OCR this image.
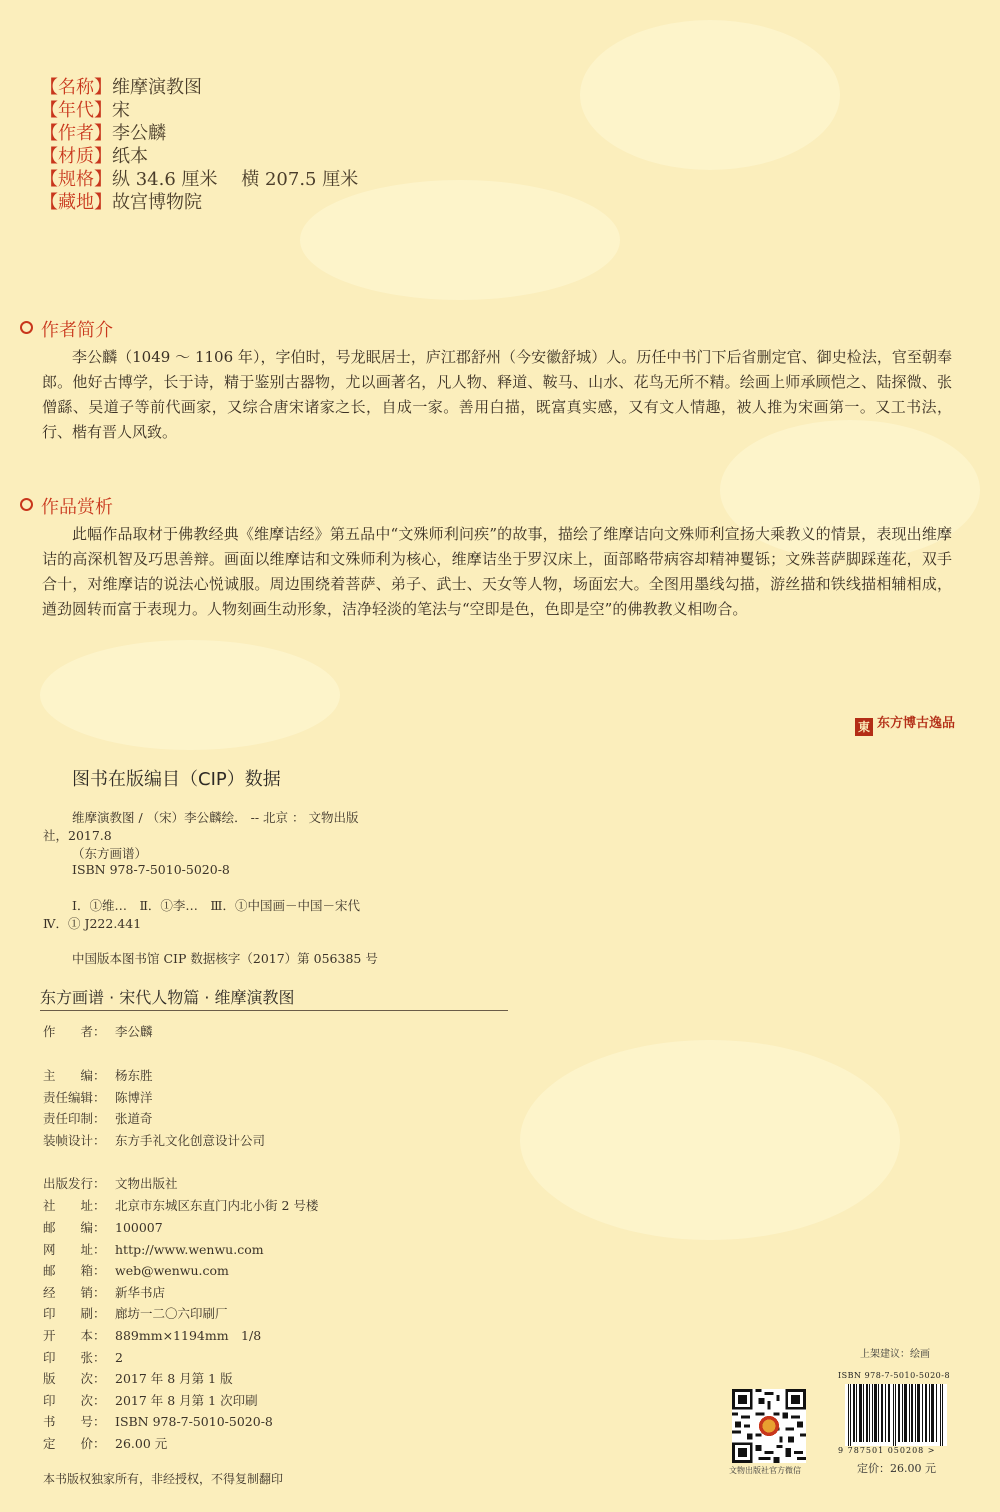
【名称】维摩演教图
【年代】宋
【作者】李公麟
【材质】纸本
【规格】纵 34.6 厘米　 横 207.5 厘米
【藏地】故宫博物院
作者简介
李公麟（1049 ～ 1106 年），字伯时，号龙眠居士，庐江郡舒州（今安徽舒城）人。历任中书门下后省删定官、御史检法，官至朝奉郎。他好古博学，长于诗，精于鉴别古器物，尤以画著名，凡人物、释道、鞍马、山水、花鸟无所不精。绘画上师承顾恺之、陆探微、张僧繇、吴道子等前代画家，又综合唐宋诸家之长，自成一家。善用白描，既富真实感，又有文人情趣，被人推为宋画第一。又工书法，行、楷有晋人风致。
作品赏析
此幅作品取材于佛教经典《维摩诘经》第五品中“文殊师利问疾”的故事，描绘了维摩诘向文殊师利宣扬大乘教义的情景，表现出维摩诘的高深机智及巧思善辩。画面以维摩诘和文殊师利为核心，维摩诘坐于罗汉床上，面部略带病容却精神矍铄；文殊菩萨脚踩莲花，双手合十，对维摩诘的说法心悦诚服。周边围绕着菩萨、弟子、武士、天女等人物，场面宏大。全图用墨线勾描，游丝描和铁线描相辅相成，遒劲圆转而富于表现力。人物刻画生动形象，洁净轻淡的笔法与“空即是色，色即是空”的佛教教义相吻合。
東 东方博古逸品
图书在版编目（CIP）数据
维摩演教图 / （宋）李公麟绘． -- 北京 ： 文物出版
社，2017.8
（东方画谱）
ISBN 978-7-5010-5020-8
Ⅰ．①维…　Ⅱ．①李…　Ⅲ．①中国画－中国－宋代
Ⅳ．① J222.441
中国版本图书馆 CIP 数据核字（2017）第 056385 号
东方画谱 · 宋代人物篇 · 维摩演教图
作　　者： 李公麟
主　　编： 杨东胜
责任编辑： 陈博洋
责任印制： 张道奇
装帧设计： 东方手礼文化创意设计公司
出版发行： 文物出版社
社　　址： 北京市东城区东直门内北小街 2 号楼
邮　　编： 100007
网　　址： http://www.wenwu.com
邮　　箱： web@wenwu.com
经　　销： 新华书店
印　　刷： 廊坊一二〇六印刷厂
开　　本： 889mm×1194mm　1/8
印　　张： 2
版　　次： 2017 年 8 月第 1 版
印　　次： 2017 年 8 月第 1 次印刷
书　　号： ISBN 978-7-5010-5020-8
定　　价： 26.00 元
本书版权独家所有，非经授权，不得复制翻印
文物出版社官方微信
上架建议：绘画
ISBN 978-7-5010-5020-8
9 787501 050208 >
定价：26.00 元
